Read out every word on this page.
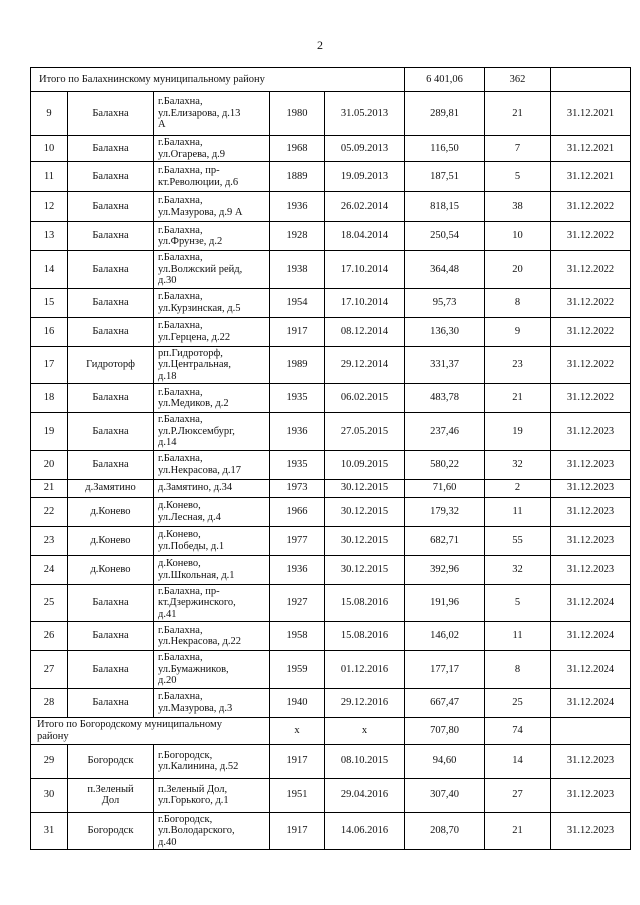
2
Итого по Балахнинскому муниципальному району					6 401,06	362	
9	Балахна	г.Балахна,
ул.Елизарова, д.13
А	1980	31.05.2013	289,81	21	31.12.2021
10	Балахна	г.Балахна,
ул.Огарева, д.9	1968	05.09.2013	116,50	7	31.12.2021
11	Балахна	г.Балахна, пр-
кт.Революции, д.6	1889	19.09.2013	187,51	5	31.12.2021
12	Балахна	г.Балахна,
ул.Мазурова, д.9 А	1936	26.02.2014	818,15	38	31.12.2022
13	Балахна	г.Балахна,
ул.Фрунзе, д.2	1928	18.04.2014	250,54	10	31.12.2022
14	Балахна	г.Балахна,
ул.Волжский рейд,
д.30	1938	17.10.2014	364,48	20	31.12.2022
15	Балахна	г.Балахна,
ул.Курзинская, д.5	1954	17.10.2014	95,73	8	31.12.2022
16	Балахна	г.Балахна,
ул.Герцена, д.22	1917	08.12.2014	136,30	9	31.12.2022
17	Гидроторф	рп.Гидроторф,
ул.Центральная,
д.18	1989	29.12.2014	331,37	23	31.12.2022
18	Балахна	г.Балахна,
ул.Медиков, д.2	1935	06.02.2015	483,78	21	31.12.2022
19	Балахна	г.Балахна,
ул.Р.Люксембург,
д.14	1936	27.05.2015	237,46	19	31.12.2023
20	Балахна	г.Балахна,
ул.Некрасова, д.17	1935	10.09.2015	580,22	32	31.12.2023
21	д.Замятино	д.Замятино, д.34	1973	30.12.2015	71,60	2	31.12.2023
22	д.Конево	д.Конево,
ул.Лесная, д.4	1966	30.12.2015	179,32	11	31.12.2023
23	д.Конево	д.Конево,
ул.Победы, д.1	1977	30.12.2015	682,71	55	31.12.2023
24	д.Конево	д.Конево,
ул.Школьная, д.1	1936	30.12.2015	392,96	32	31.12.2023
25	Балахна	г.Балахна, пр-
кт.Дзержинского,
д.41	1927	15.08.2016	191,96	5	31.12.2024
26	Балахна	г.Балахна,
ул.Некрасова, д.22	1958	15.08.2016	146,02	11	31.12.2024
27	Балахна	г.Балахна,
ул.Бумажников,
д.20	1959	01.12.2016	177,17	8	31.12.2024
28	Балахна	г.Балахна,
ул.Мазурова, д.3	1940	29.12.2016	667,47	25	31.12.2024
Итого по Богородскому муниципальному
району			х	х	707,80	74	
29	Богородск	г.Богородск,
ул.Калинина, д.52	1917	08.10.2015	94,60	14	31.12.2023
30	п.Зеленый
Дол	п.Зеленый Дол,
ул.Горького, д.1	1951	29.04.2016	307,40	27	31.12.2023
31	Богородск	г.Богородск,
ул.Володарского,
д.40	1917	14.06.2016	208,70	21	31.12.2023
